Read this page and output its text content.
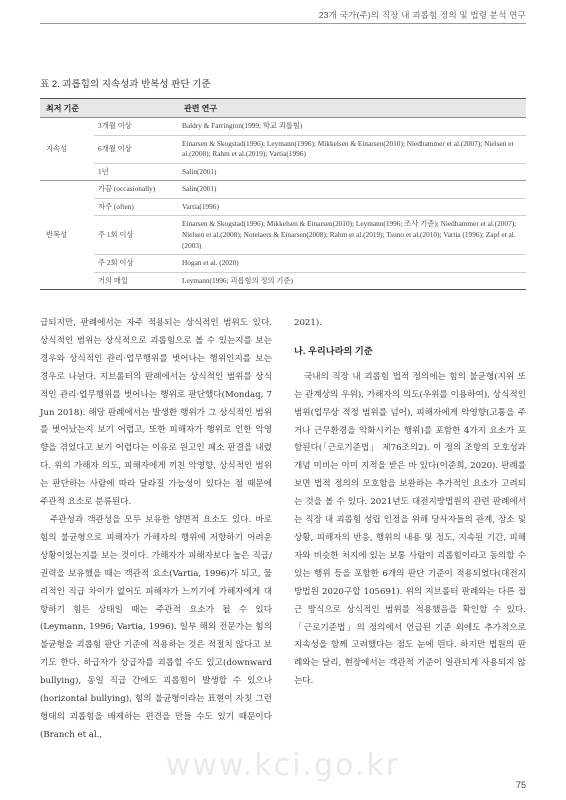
23개 국가(주)의 직장 내 괴롭힘 정의 및 법령 분석 연구
표 2. 괴롭힘의 지속성과 반복성 판단 기준
최저 기준		관련 연구
지속성	3개월 이상	Baldry & Farrington(1999; 학교 괴롭힘)
	6개월 이상	Einarsen & Skogstad(1996); Leymann(1996); Mikkelsen & Einarsen(2010); Niedhammer et al.(2007); Nielsen et al.(2008); Rahm et al.(2019); Vartia(1996)
	1년	Salin(2001)
반복성	가끔 (occasionally)	Salin(2001)
	자주 (often)	Vartia(1996)
	주 1회 이상	Einarsen & Skogstad(1996); Mikkelsen & Einarsen(2010); Leymann(1996; 조사 기준); Niedhammer et al.(2007); Nielsen et al.(2008); Notelaers & Einarsen(2008); Rahm et al.(2019); Tsuno et al.(2010); Vartia (1996); Zapf et al.(2003)
	주 2회 이상	Hogan et al. (2020)
	거의 매일	Leymann(1996; 괴롭힘의 정의 기준)

급되지만, 판례에서는 자주 적용되는 상식적인 범위도 있다. 상식적인 범위는 상식적으로 괴롭힘으로 볼 수 있는지를 보는 경우와 상식적인 관리·업무행위를 벗어나는 행위인지를 보는 경우로 나뉜다. 지브롤터의 판례에서는 상식적인 범위를 상식적인 관리·업무행위를 벗어나는 행위로 판단했다(Mondaq, 7 Jun 2018). 해당 판례에서는 발생한 행위가 그 상식적인 범위를 벗어났는지 보기 어렵고, 또한 피해자가 행위로 인한 악영향을 겪었다고 보기 어렵다는 이유로 원고인 패소 판결을 내렸다. 위의 가해자 의도, 피해자에게 끼친 악영향, 상식적인 범위는 판단하는 사람에 따라 달라질 가능성이 있다는 점 때문에 주관적 요소로 분류된다.

주관성과 객관성을 모두 보유한 양면적 요소도 있다. 바로 힘의 불균형으로 피해자가 가해자의 행위에 저항하기 어려운 상황이었는지를 보는 것이다. 가해자가 피해자보다 높은 직급/권력을 보유했을 때는 객관적 요소(Vartia, 1996)가 되고, 물리적인 직급 차이가 없어도 피해자가 느끼기에 가해자에게 대항하기 힘든 상태일 때는 주관적 요소가 될 수 있다(Leymann, 1996; Vartia, 1996). 일부 해외 전문가는 힘의 불균형을 괴롭힘 판단 기준에 적용하는 것은 적절치 않다고 보기도 한다. 하급자가 상급자를 괴롭힐 수도 있고(downward bullying), 동일 직급 간에도 괴롭힘이 발생할 수 있으나(horizontal bullying), 힘의 불균형이라는 표현이 자칫 그런 형태의 괴롭힘을 배제하는 편견을 만들 수도 있기 때문이다(Branch et al.,

2021).

나. 우리나라의 기준

국내의 직장 내 괴롭힘 법적 정의에는 힘의 불균형(지위 또는 관계상의 우위), 가해자의 의도(우위를 이용하여), 상식적인 범위(업무상 적정 범위를 넘어), 피해자에게 악영향(고통을 주거나 근무환경을 악화시키는 행위)를 포함한 4가지 요소가 포함된다(「근로기준법」 제76조의2). 이 정의 조항의 모호성과 개념 미비는 이미 지적을 받은 바 있다(이준희, 2020). 판례를 보면 법적 정의의 모호함을 보완하는 추가적인 요소가 고려되는 것을 볼 수 있다. 2021년도 대전지방법원의 관련 판례에서는 직장 내 괴롭힘 성립 인정을 위해 당사자들의 관계, 장소 및 상황, 피해자의 반응, 행위의 내용 및 정도, 지속된 기간, 피해자와 비슷한 처지에 있는 보통 사람이 괴롭힘이라고 동의할 수 있는 행위 등을 포함한 6개의 판단 기준이 적용되었다(대전지방법원 2020구합 105691). 위의 지브롤터 판례와는 다른 접근 방식으로 상식적인 범위를 적용했음을 확인할 수 있다. 「근로기준법」의 정의에서 언급된 기준 외에도 추가적으로 지속성을 함께 고려했다는 점도 눈에 띈다. 하지만 법원의 판례와는 달리, 현장에서는 객관적 기준이 일관되게 사용되지 않는다.

www.kci.go.kr
75
